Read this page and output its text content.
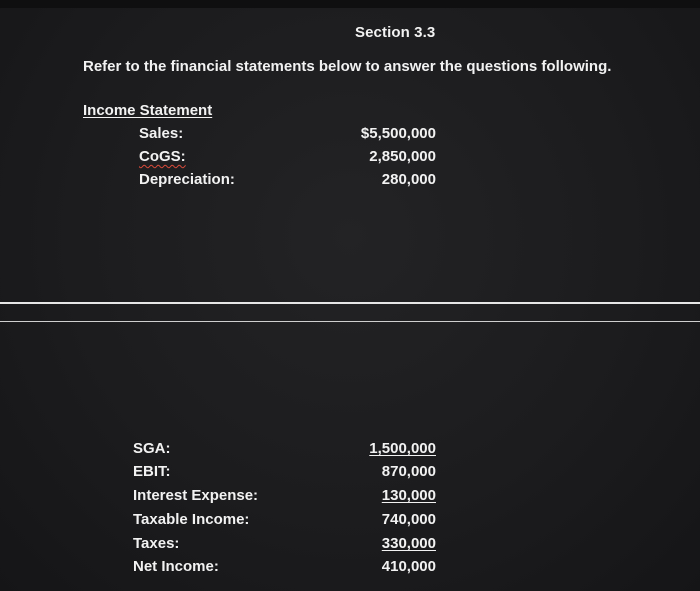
Section 3.3
Refer to the financial statements below to answer the questions following.
Income Statement
Sales:	$5,500,000
CoGS:	2,850,000
Depreciation:	280,000
SGA:	1,500,000
EBIT:	870,000
Interest Expense:	130,000
Taxable Income:	740,000
Taxes:	330,000
Net Income:	410,000
